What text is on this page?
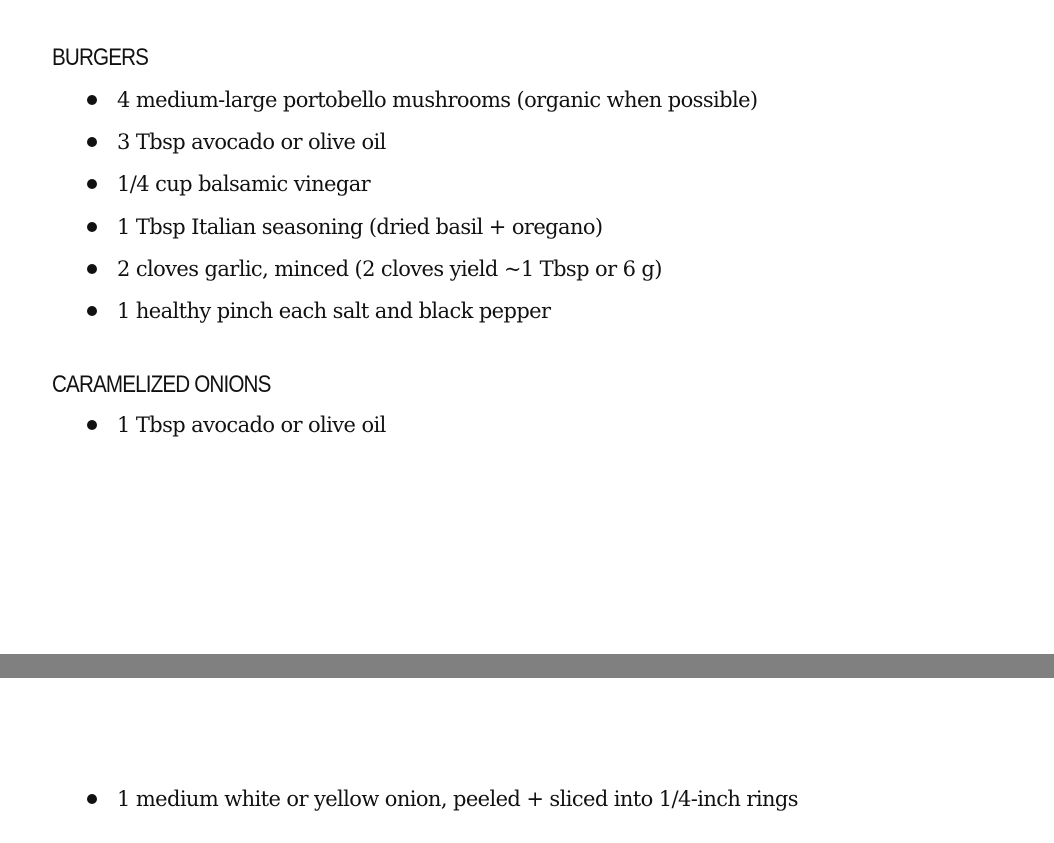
BURGERS
4 medium-large portobello mushrooms (organic when possible)
3 Tbsp avocado or olive oil
1/4 cup balsamic vinegar
1 Tbsp Italian seasoning (dried basil + oregano)
2 cloves garlic, minced (2 cloves yield ~1 Tbsp or 6 g)
1 healthy pinch each salt and black pepper
CARAMELIZED ONIONS
1 Tbsp avocado or olive oil
1 medium white or yellow onion, peeled + sliced into 1/4-inch rings
